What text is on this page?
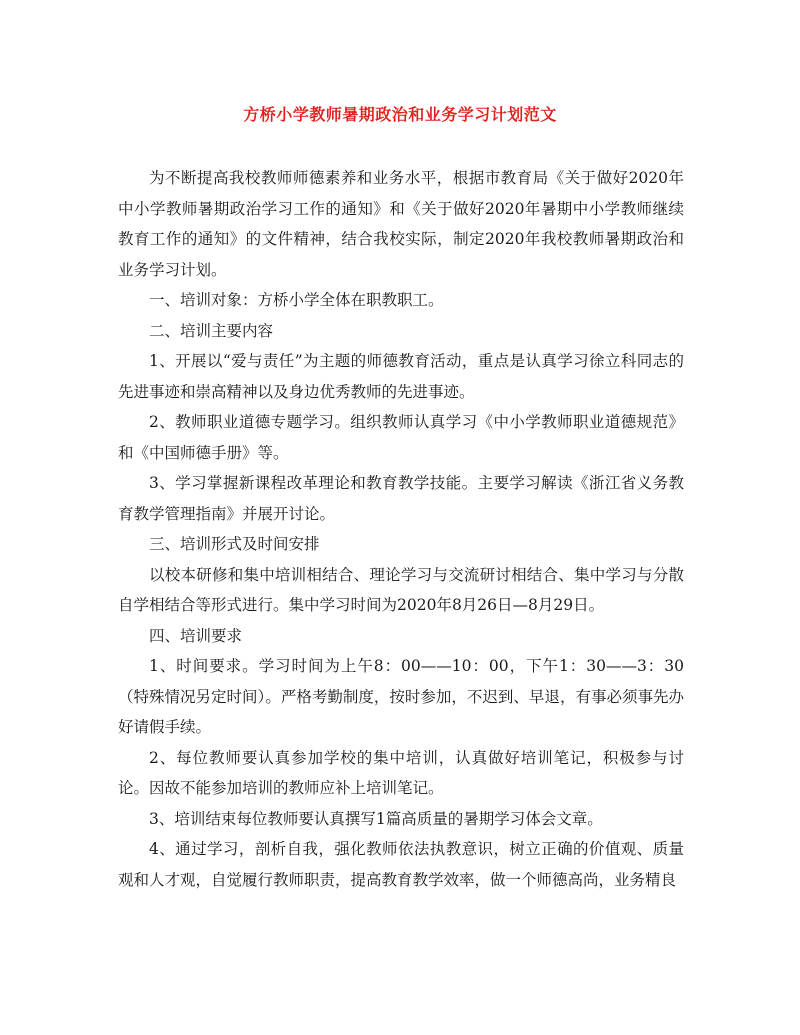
方桥小学教师暑期政治和业务学习计划范文

为不断提高我校教师师德素养和业务水平，根据市教育局《关于做好2020年中小学教师暑期政治学习工作的通知》和《关于做好2020年暑期中小学教师继续教育工作的通知》的文件精神，结合我校实际，制定2020年我校教师暑期政治和业务学习计划。

一、培训对象：方桥小学全体在职教职工。

二、培训主要内容

1、开展以“爱与责任”为主题的师德教育活动，重点是认真学习徐立科同志的先进事迹和崇高精神以及身边优秀教师的先进事迹。

2、教师职业道德专题学习。组织教师认真学习《中小学教师职业道德规范》和《中国师德手册》等。

3、学习掌握新课程改革理论和教育教学技能。主要学习解读《浙江省义务教育教学管理指南》并展开讨论。

三、培训形式及时间安排

以校本研修和集中培训相结合、理论学习与交流研讨相结合、集中学习与分散自学相结合等形式进行。集中学习时间为2020年8月26日—8月29日。

四、培训要求

1、时间要求。学习时间为上午8：00——10：00，下午1：30——3：30（特殊情况另定时间）。严格考勤制度，按时参加，不迟到、早退，有事必须事先办好请假手续。

2、每位教师要认真参加学校的集中培训，认真做好培训笔记，积极参与讨论。因故不能参加培训的教师应补上培训笔记。

3、培训结束每位教师要认真撰写1篇高质量的暑期学习体会文章。

4、通过学习，剖析自我，强化教师依法执教意识，树立正确的价值观、质量观和人才观，自觉履行教师职责，提高教育教学效率，做一个师德高尚，业务精良
